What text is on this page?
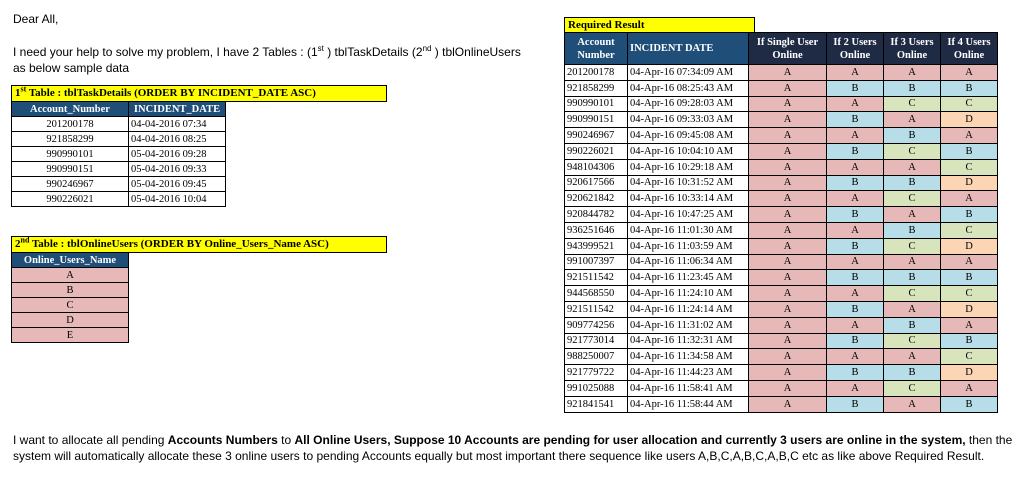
Dear All,

I need your help to solve my problem, I have 2 Tables : (1st ) tblTaskDetails (2nd ) tblOnlineUsers

as below sample data

1st Table : tblTaskDetails (ORDER BY INCIDENT_DATE ASC)
Account_Number	INCIDENT_DATE
201200178	04-04-2016 07:34
921858299	04-04-2016 08:25
990990101	05-04-2016 09:28
990990151	05-04-2016 09:33
990246967	05-04-2016 09:45
990226021	05-04-2016 10:04
2nd Table : tblOnlineUsers (ORDER BY Online_Users_Name ASC)
Online_Users_Name
A
B
C
D
E
Required Result
Account Number	INCIDENT DATE	If Single User Online	If 2 Users Online	If 3 Users Online	If 4 Users Online
201200178	04-Apr-16 07:34:09 AM	A	A	A	A
921858299	04-Apr-16 08:25:43 AM	A	B	B	B
990990101	04-Apr-16 09:28:03 AM	A	A	C	C
990990151	04-Apr-16 09:33:03 AM	A	B	A	D
990246967	04-Apr-16 09:45:08 AM	A	A	B	A
990226021	04-Apr-16 10:04:10 AM	A	B	C	B
948104306	04-Apr-16 10:29:18 AM	A	A	A	C
920617566	04-Apr-16 10:31:52 AM	A	B	B	D
920621842	04-Apr-16 10:33:14 AM	A	A	C	A
920844782	04-Apr-16 10:47:25 AM	A	B	A	B
936251646	04-Apr-16 11:01:30 AM	A	A	B	C
943999521	04-Apr-16 11:03:59 AM	A	B	C	D
991007397	04-Apr-16 11:06:34 AM	A	A	A	A
921511542	04-Apr-16 11:23:45 AM	A	B	B	B
944568550	04-Apr-16 11:24:10 AM	A	A	C	C
921511542	04-Apr-16 11:24:14 AM	A	B	A	D
909774256	04-Apr-16 11:31:02 AM	A	A	B	A
921773014	04-Apr-16 11:32:31 AM	A	B	C	B
988250007	04-Apr-16 11:34:58 AM	A	A	A	C
921779722	04-Apr-16 11:44:23 AM	A	B	B	D
991025088	04-Apr-16 11:58:41 AM	A	A	C	A
921841541	04-Apr-16 11:58:44 AM	A	B	A	B
I want to allocate all pending Accounts Numbers to All Online Users, Suppose 10 Accounts are pending for user allocation and currently 3 users are online in the system, then the system will automatically allocate these 3 online users to pending Accounts equally but most important there sequence like users A,B,C,A,B,C,A,B,C etc as like above Required Result.
